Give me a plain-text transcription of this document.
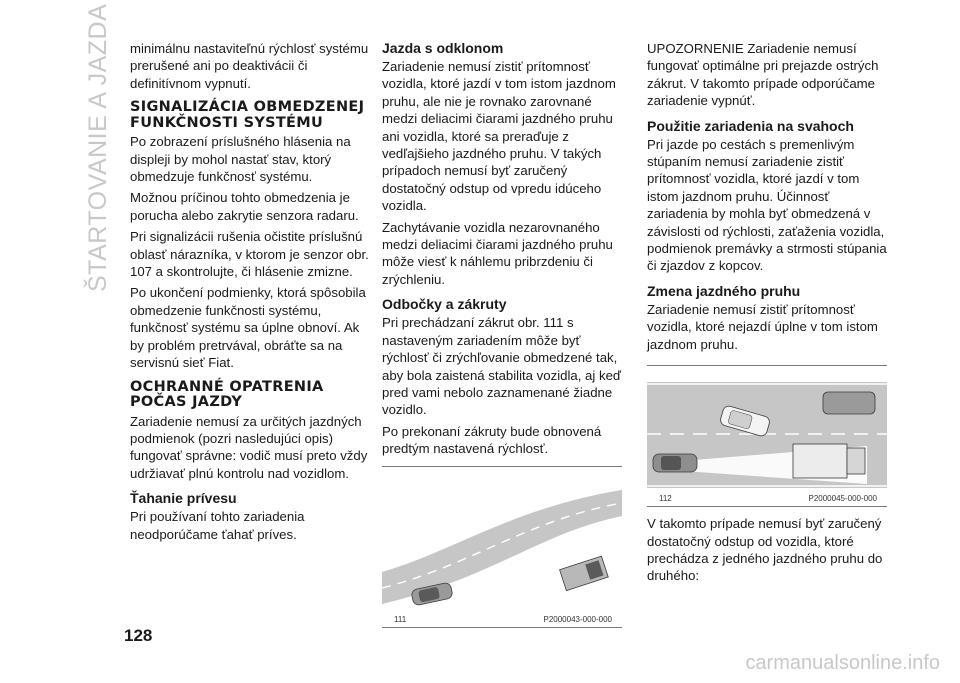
ŠTARTOVANIE A JAZDA minimálnu nastaviteľnú rýchlosť systému prerušené ani po deaktivácii či definitívnom vypnutí.

SIGNALIZÁCIA OBMEDZENEJ FUNKČNOSTI SYSTÉMU

Po zobrazení príslušného hlásenia na displeji by mohol nastať stav, ktorý obmedzuje funkčnosť systému.

Možnou príčinou tohto obmedzenia je porucha alebo zakrytie senzora radaru.

Pri signalizácii rušenia očistite príslušnú oblasť nárazníka, v ktorom je senzor obr. 107 a skontrolujte, či hlásenie zmizne.

Po ukončení podmienky, ktorá spôsobila obmedzenie funkčnosti systému, funkčnosť systému sa úplne obnoví. Ak by problém pretrvával, obráťte sa na servisnú sieť Fiat.

OCHRANNÉ OPATRENIA POČAS JAZDY

Zariadenie nemusí za určitých jazdných podmienok (pozri nasledujúci opis) fungovať správne: vodič musí preto vždy udržiavať plnú kontrolu nad vozidlom.

Ťahanie prívesu

Pri používaní tohto zariadenia neodporúčame ťahať príves.

Jazda s odklonom

Zariadenie nemusí zistiť prítomnosť vozidla, ktoré jazdí v tom istom jazdnom pruhu, ale nie je rovnako zarovnané medzi deliacimi čiarami jazdného pruhu ani vozidla, ktoré sa preraďuje z vedľajšieho jazdného pruhu. V takých prípadoch nemusí byť zaručený dostatočný odstup od vpredu idúceho vozidla.

Zachytávanie vozidla nezarovnaného medzi deliacimi čiarami jazdného pruhu môže viesť k náhlemu pribrzdeniu či zrýchleniu.

Odbočky a zákruty

Pri prechádzaní zákrut obr. 111 s nastaveným zariadením môže byť rýchlosť či zrýchľovanie obmedzené tak, aby bola zaistená stabilita vozidla, aj keď pred vami nebolo zaznamenané žiadne vozidlo.

Po prekonaní zákruty bude obnovená predtým nastavená rýchlosť.

111	P2000043-000-000

UPOZORNENIE Zariadenie nemusí fungovať optimálne pri prejazde ostrých zákrut. V takomto prípade odporúčame zariadenie vypnúť.

Použitie zariadenia na svahoch

Pri jazde po cestách s premenlivým stúpaním nemusí zariadenie zistiť prítomnosť vozidla, ktoré jazdí v tom istom jazdnom pruhu. Účinnosť zariadenia by mohla byť obmedzená v závislosti od rýchlosti, zaťaženia vozidla, podmienok premávky a strmosti stúpania či zjazdov z kopcov.

Zmena jazdného pruhu

Zariadenie nemusí zistiť prítomnosť vozidla, ktoré nejazdí úplne v tom istom jazdnom pruhu.

112	P2000045-000-000

V takomto prípade nemusí byť zaručený dostatočný odstup od vozidla, ktoré prechádza z jedného jazdného pruhu do druhého:

128
carmanualsonline.info
